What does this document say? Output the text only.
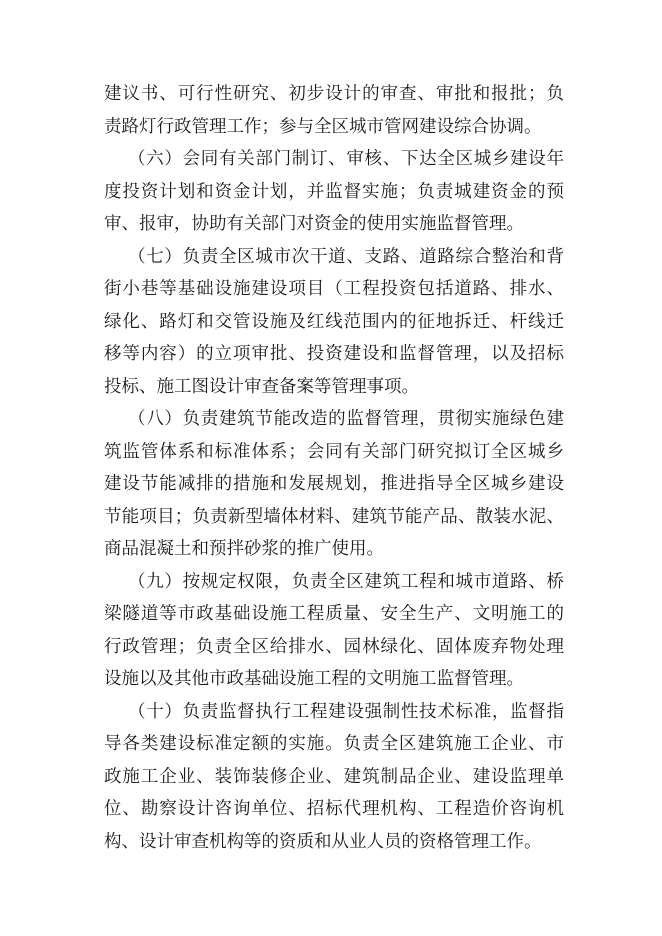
建议书、可行性研究、初步设计的审查、审批和报批；负
责路灯行政管理工作；参与全区城市管网建设综合协调。
（六）会同有关部门制订、审核、下达全区城乡建设年
度投资计划和资金计划，并监督实施；负责城建资金的预
审、报审，协助有关部门对资金的使用实施监督管理。
（七）负责全区城市次干道、支路、道路综合整治和背
街小巷等基础设施建设项目（工程投资包括道路、排水、
绿化、路灯和交管设施及红线范围内的征地拆迁、杆线迁
移等内容）的立项审批、投资建设和监督管理，以及招标
投标、施工图设计审查备案等管理事项。
（八）负责建筑节能改造的监督管理，贯彻实施绿色建
筑监管体系和标准体系；会同有关部门研究拟订全区城乡
建设节能减排的措施和发展规划，推进指导全区城乡建设
节能项目；负责新型墙体材料、建筑节能产品、散装水泥、
商品混凝土和预拌砂浆的推广使用。
（九）按规定权限，负责全区建筑工程和城市道路、桥
梁隧道等市政基础设施工程质量、安全生产、文明施工的
行政管理；负责全区给排水、园林绿化、固体废弃物处理
设施以及其他市政基础设施工程的文明施工监督管理。
（十）负责监督执行工程建设强制性技术标准，监督指
导各类建设标准定额的实施。负责全区建筑施工企业、市
政施工企业、装饰装修企业、建筑制品企业、建设监理单
位、勘察设计咨询单位、招标代理机构、工程造价咨询机
构、设计审查机构等的资质和从业人员的资格管理工作。
